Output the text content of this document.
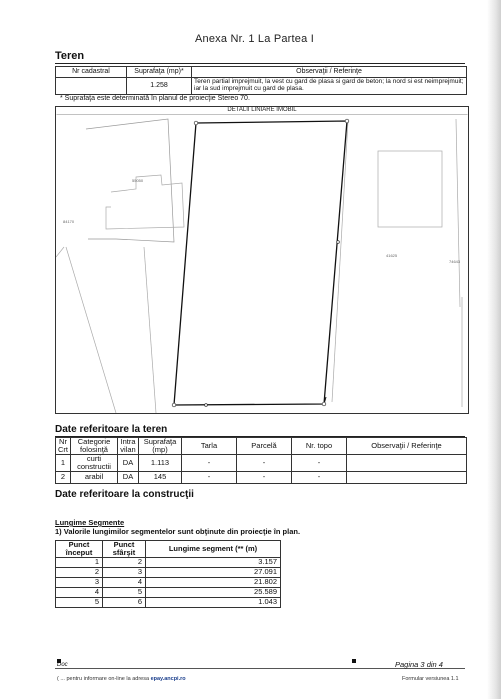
Anexa Nr. 1 La Partea I
Teren
Nr cadastral	Suprafaţa (mp)*	Observaţii / Referinţe
	1.258	Teren partial imprejmuit, la vest cu gard de plasa si gard de beton; la nord si est neimprejmuit; iar la sud imprejmuit cu gard de plasa.
* Suprafaţa este determinată în planul de proiecţie Stereo 70.
DETALII LINIARE IMOBIL
55050
84170
41625
74643
Date referitoare la teren
Nr Crt	Categorie folosinţă	Intra vilan	Suprafaţa (mp)	Tarla	Parcelă	Nr. topo	Observaţii / Referinţe
1	curti constructii	DA	1.113	-	-	-	
2	arabil	DA	145	-	-	-	
Date referitoare la construcţii
Lungime Segmente
1) Valorile lungimilor segmentelor sunt obţinute din proiecţie în plan.
Punct început	Punct sfârşit	Lungime segment (** (m)
1	2	3.157
2	3	27.091
3	4	21.802
4	5	25.589
5	6	1.043
Doc	Pagina 3 din 4
( ... pentru informare on-line la adresa epay.ancpi.ro	Formular versiunea 1.1
